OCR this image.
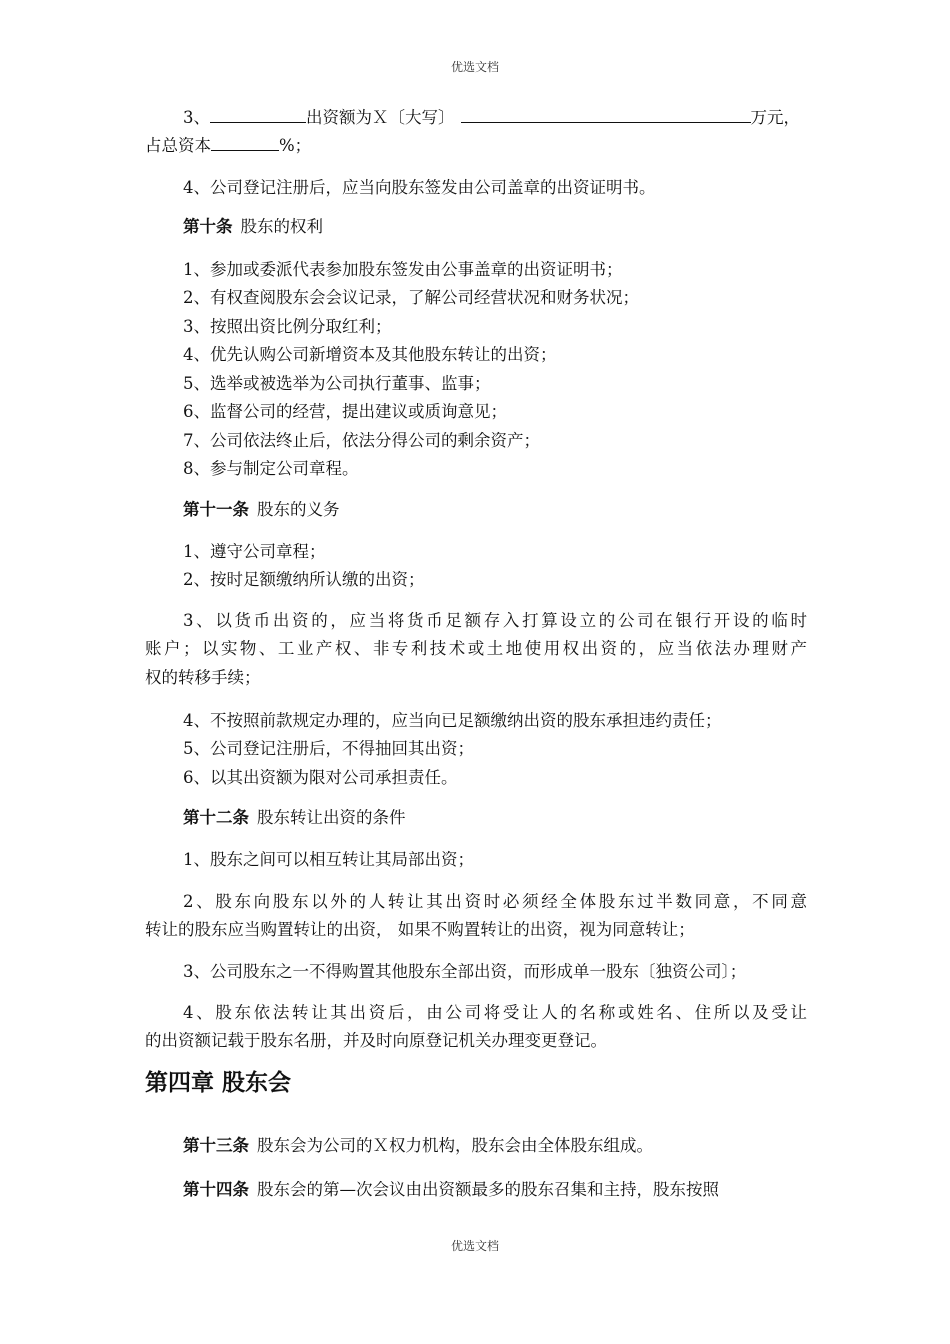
优选文档
3、	出资额为Ｘ〔大写〕	万元，
占总资本	%；
4、公司登记注册后，应当向股东签发由公司盖章的出资证明书。
第十条 股东的权利
1、参加或委派代表参加股东签发由公事盖章的出资证明书；
2、有权查阅股东会会议记录，了解公司经营状况和财务状况；
3、按照出资比例分取红利；
4、优先认购公司新增资本及其他股东转让的出资；
5、选举或被选举为公司执行董事、监事；
6、监督公司的经营，提出建议或质询意见；
7、公司依法终止后，依法分得公司的剩余资产；
8、参与制定公司章程。
第十一条 股东的义务
1、遵守公司章程；
2、按时足额缴纳所认缴的出资；
3、以货币出资的，应当将货币足额存入打算设立的公司在银行开设的临时
账户；以实物、工业产权、非专利技术或土地使用权出资的，应当依法办理财产
权的转移手续；
4、不按照前款规定办理的，应当向已足额缴纳出资的股东承担违约责任；
5、公司登记注册后，不得抽回其出资；
6、以其出资额为限对公司承担责任。
第十二条 股东转让出资的条件
1、股东之间可以相互转让其局部出资；
2、股东向股东以外的人转让其出资时必须经全体股东过半数同意，不同意
转让的股东应当购置转让的出资， 如果不购置转让的出资，视为同意转让；
3、公司股东之一不得购置其他股东全部出资，而形成单一股东〔独资公司〕；
4、股东依法转让其出资后，由公司将受让人的名称或姓名、住所以及受让
的出资额记载于股东名册，并及时向原登记机关办理变更登记。
第四章 股东会
第十三条 股东会为公司的Ｘ权力机构，股东会由全体股东组成。
第十四条 股东会的第—次会议由出资额最多的股东召集和主持，股东按照
优选文档
